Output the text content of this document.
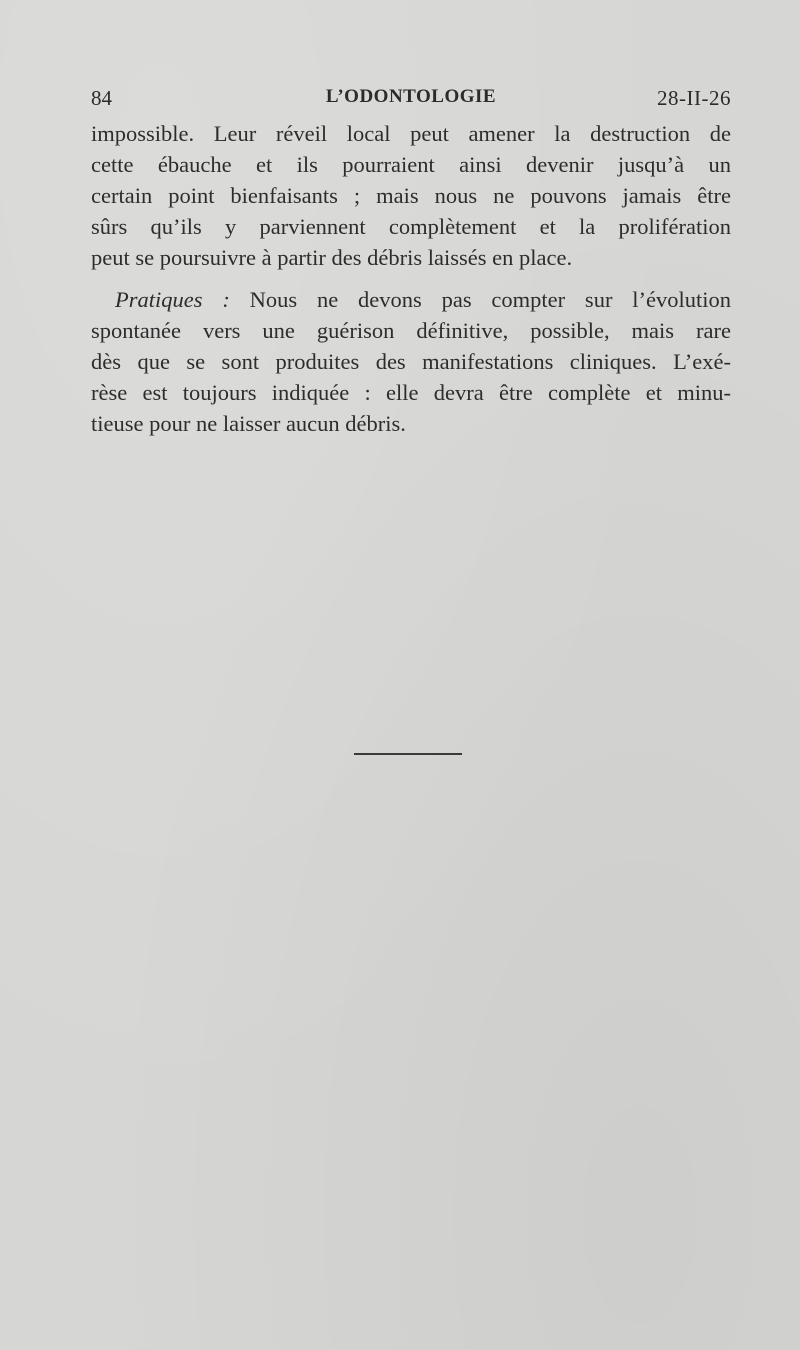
84	L’ODONTOLOGIE	28-II-26

impossible. Leur réveil local peut amener la destruction de
cette ébauche et ils pourraient ainsi devenir jusqu’à un
certain point bienfaisants ; mais nous ne pouvons jamais être
sûrs qu’ils y parviennent complètement et la prolifération
peut se poursuivre à partir des débris laissés en place.

Pratiques : Nous ne devons pas compter sur l’évolution
spontanée vers une guérison définitive, possible, mais rare
dès que se sont produites des manifestations cliniques. L’exé-
rèse est toujours indiquée : elle devra être complète et minu-
tieuse pour ne laisser aucun débris.
